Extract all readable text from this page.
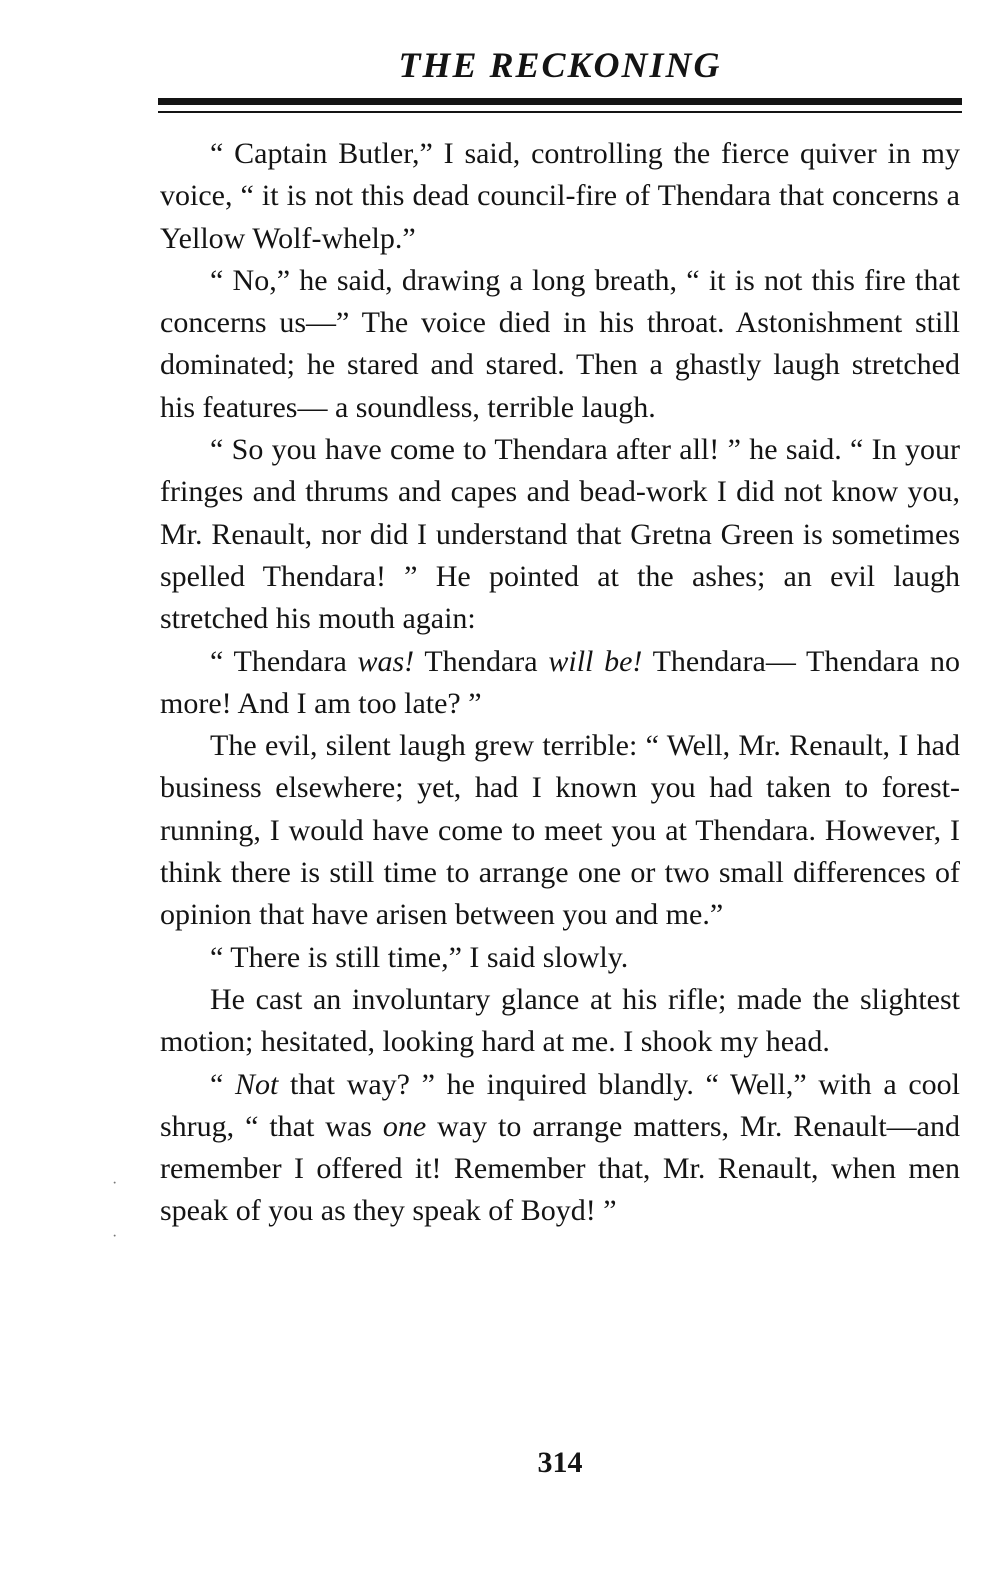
THE RECKONING

“ Captain Butler,” I said, controlling the fierce quiver in my voice, “ it is not this dead council-fire of Thendara that concerns a Yellow Wolf-whelp.”

“ No,” he said, drawing a long breath, “ it is not this fire that concerns us—” The voice died in his throat. Astonishment still dominated; he stared and stared. Then a ghastly laugh stretched his features— a soundless, terrible laugh.

“ So you have come to Thendara after all! ” he said. “ In your fringes and thrums and capes and bead-work I did not know you, Mr. Renault, nor did I understand that Gretna Green is sometimes spelled Thendara! ” He pointed at the ashes; an evil laugh stretched his mouth again:

“ Thendara was! Thendara will be! Thendara— Thendara no more! And I am too late? ”

The evil, silent laugh grew terrible: “ Well, Mr. Renault, I had business elsewhere; yet, had I known you had taken to forest-running, I would have come to meet you at Thendara. However, I think there is still time to arrange one or two small differences of opinion that have arisen between you and me.”

“ There is still time,” I said slowly.

He cast an involuntary glance at his rifle; made the slightest motion; hesitated, looking hard at me. I shook my head.

“ Not that way? ” he inquired blandly. “ Well,” with a cool shrug, “ that was one way to arrange matters, Mr. Renault—and remember I offered it! Remember that, Mr. Renault, when men speak of you as they speak of Boyd! ”

314
·
·
